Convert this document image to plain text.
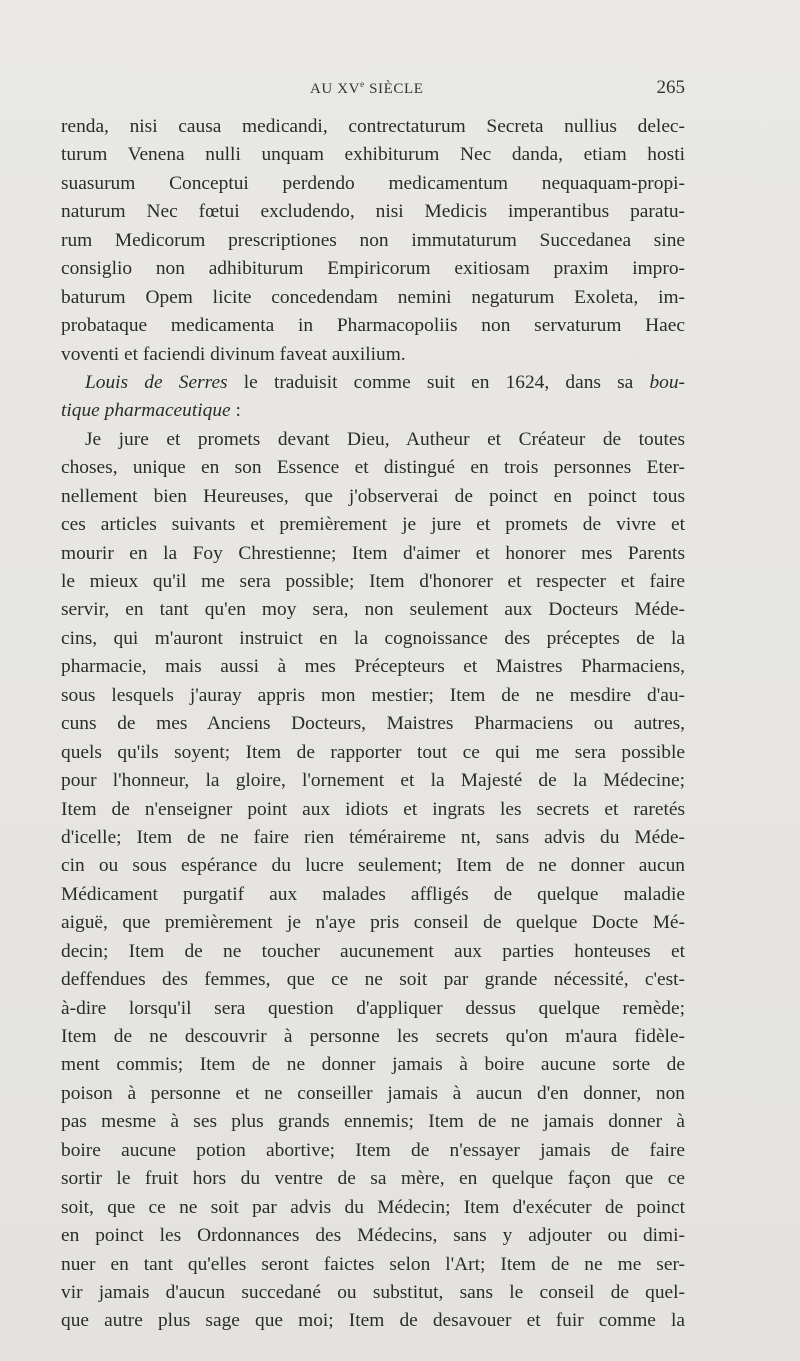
AU XVe SIÈCLE	265
renda, nisi causa medicandi, contrectaturum Secreta nullius delec-
turum Venena nulli unquam exhibiturum Nec danda, etiam hosti
suasurum Conceptui perdendo medicamentum nequaquam-propi-
naturum Nec fœtui excludendo, nisi Medicis imperantibus paratu-
rum Medicorum prescriptiones non immutaturum Succedanea sine
consiglio non adhibiturum Empiricorum exitiosam praxim impro-
baturum Opem licite concedendam nemini negaturum Exoleta, im-
probataque medicamenta in Pharmacopoliis non servaturum Haec
voventi et faciendi divinum faveat auxilium.
Louis de Serres le traduisit comme suit en 1624, dans sa bou-
tique pharmaceutique :
Je jure et promets devant Dieu, Autheur et Créateur de toutes
choses, unique en son Essence et distingué en trois personnes Eter-
nellement bien Heureuses, que j'observerai de poinct en poinct tous
ces articles suivants et premièrement je jure et promets de vivre et
mourir en la Foy Chrestienne; Item d'aimer et honorer mes Parents
le mieux qu'il me sera possible; Item d'honorer et respecter et faire
servir, en tant qu'en moy sera, non seulement aux Docteurs Méde-
cins, qui m'auront instruict en la cognoissance des préceptes de la
pharmacie, mais aussi à mes Précepteurs et Maistres Pharmaciens,
sous lesquels j'auray appris mon mestier; Item de ne mesdire d'au-
cuns de mes Anciens Docteurs, Maistres Pharmaciens ou autres,
quels qu'ils soyent; Item de rapporter tout ce qui me sera possible
pour l'honneur, la gloire, l'ornement et la Majesté de la Médecine;
Item de n'enseigner point aux idiots et ingrats les secrets et raretés
d'icelle; Item de ne faire rien téméraireme nt, sans advis du Méde-
cin ou sous espérance du lucre seulement; Item de ne donner aucun
Médicament purgatif aux malades affligés de quelque maladie
aiguë, que premièrement je n'aye pris conseil de quelque Docte Mé-
decin; Item de ne toucher aucunement aux parties honteuses et
deffendues des femmes, que ce ne soit par grande nécessité, c'est-
à-dire lorsqu'il sera question d'appliquer dessus quelque remède;
Item de ne descouvrir à personne les secrets qu'on m'aura fidèle-
ment commis; Item de ne donner jamais à boire aucune sorte de
poison à personne et ne conseiller jamais à aucun d'en donner, non
pas mesme à ses plus grands ennemis; Item de ne jamais donner à
boire aucune potion abortive; Item de n'essayer jamais de faire
sortir le fruit hors du ventre de sa mère, en quelque façon que ce
soit, que ce ne soit par advis du Médecin; Item d'exécuter de poinct
en poinct les Ordonnances des Médecins, sans y adjouter ou dimi-
nuer en tant qu'elles seront faictes selon l'Art; Item de ne me ser-
vir jamais d'aucun succedané ou substitut, sans le conseil de quel-
que autre plus sage que moi; Item de desavouer et fuir comme la
